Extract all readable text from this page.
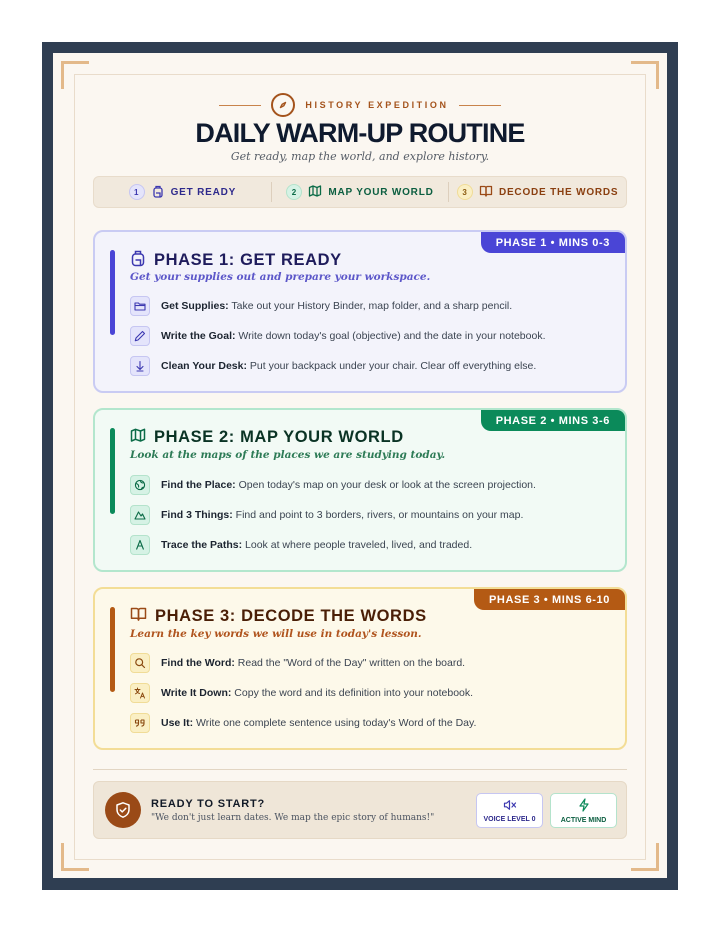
HISTORY EXPEDITION
DAILY WARM-UP ROUTINE
Get ready, map the world, and explore history.
1	GET READY	2	MAP YOUR WORLD	3	DECODE THE WORDS
PHASE 1 • MINS 0-3
PHASE 1: GET READY
Get your supplies out and prepare your workspace.
Get Supplies: Take out your History Binder, map folder, and a sharp pencil.
Write the Goal: Write down today's goal (objective) and the date in your notebook.
Clean Your Desk: Put your backpack under your chair. Clear off everything else.
PHASE 2 • MINS 3-6
PHASE 2: MAP YOUR WORLD
Look at the maps of the places we are studying today.
Find the Place: Open today's map on your desk or look at the screen projection.
Find 3 Things: Find and point to 3 borders, rivers, or mountains on your map.
Trace the Paths: Look at where people traveled, lived, and traded.
PHASE 3 • MINS 6-10
PHASE 3: DECODE THE WORDS
Learn the key words we will use in today's lesson.
Find the Word: Read the "Word of the Day" written on the board.
Write It Down: Copy the word and its definition into your notebook.
Use It: Write one complete sentence using today's Word of the Day.
READY TO START?
"We don't just learn dates. We map the epic story of humans!"	VOICE LEVEL 0	ACTIVE MIND
